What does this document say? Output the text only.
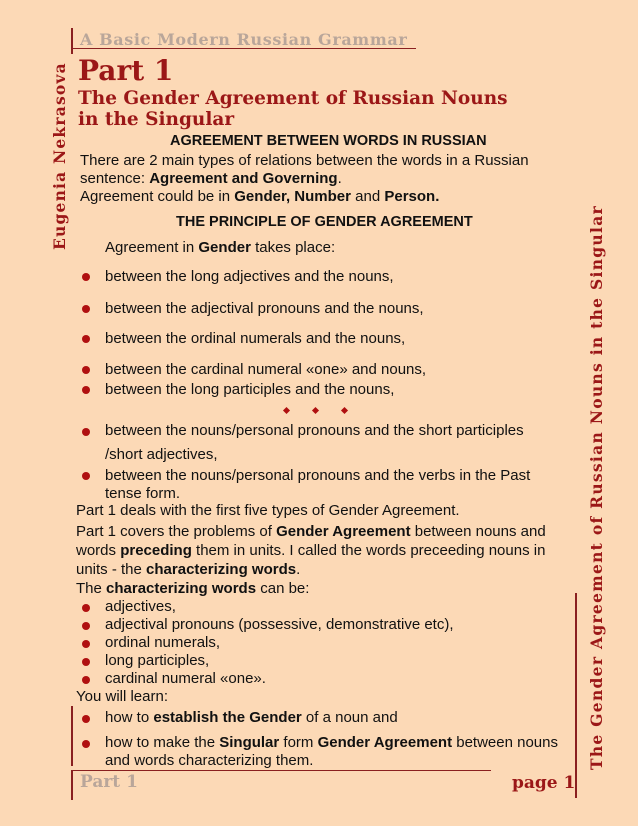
Eugenia Nekrasova
The Gender Agreement of Russian Nouns in the Singular
A Basic Modern Russian Grammar
Part 1
The Gender Agreement of Russian Nouns
in the Singular
AGREEMENT BETWEEN WORDS IN RUSSIAN
There are 2 main types of relations between the words in a Russian
sentence: Agreement and Governing.
Agreement could be in Gender, Number and Person.
THE PRINCIPLE OF GENDER AGREEMENT
Agreement in Gender takes place:
between the long adjectives and the nouns,
between the adjectival pronouns and the nouns,
between the ordinal numerals and the nouns,
between the cardinal numeral «one» and nouns,
between the long participles and the nouns,
between the nouns/personal pronouns and the short participles
/short adjectives,
between the nouns/personal pronouns and the verbs in the Past
tense form.
Part 1 deals with the first five types of Gender Agreement.
Part 1 covers the problems of Gender Agreement between nouns and
words preceding them in units. I called the words preceeding nouns in
units - the characterizing words.
The characterizing words can be:
adjectives,
adjectival pronouns (possessive, demonstrative etc),
ordinal numerals,
long participles,
cardinal numeral «one».
You will learn:
how to establish the Gender of a noun and
how to make the Singular form Gender Agreement between nouns
and words characterizing them.
Part 1	page 1
